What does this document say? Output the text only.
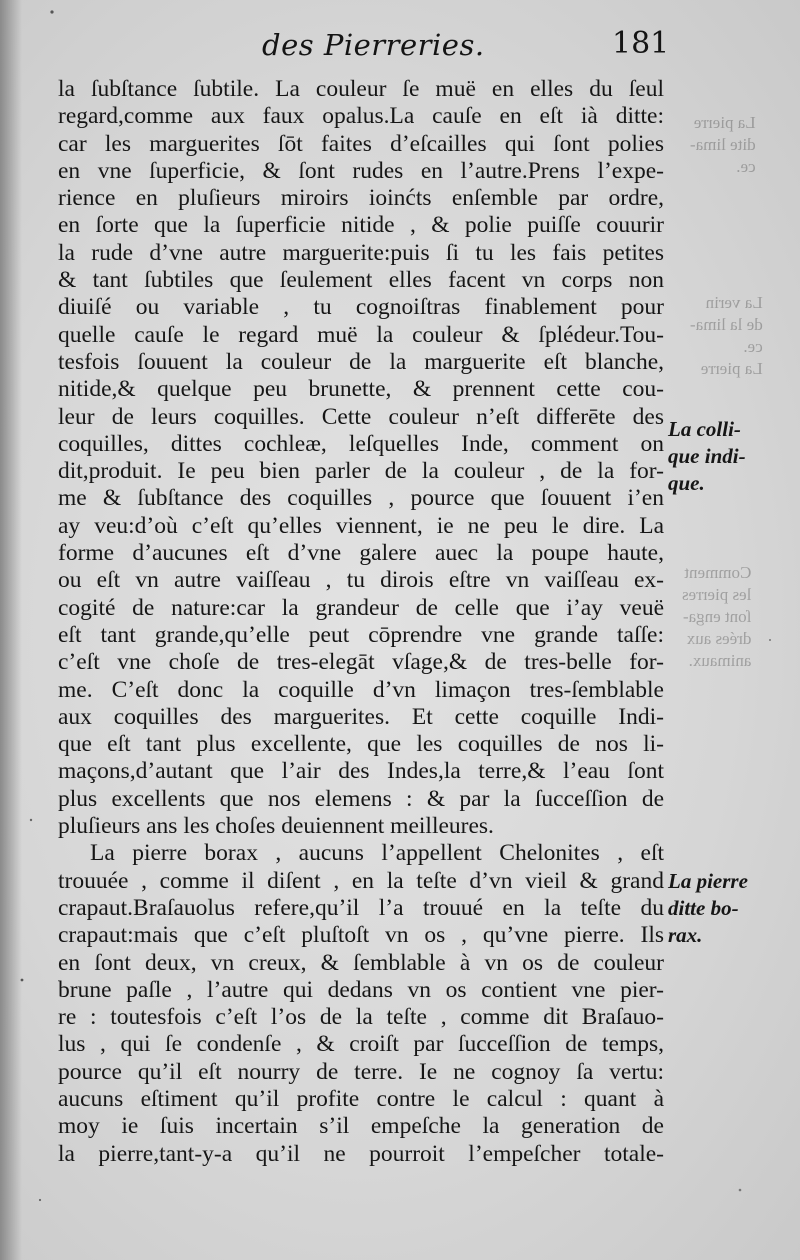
La pierre
dite lima-
ce.
La verin
de la lima-
ce.
La pierre
Comment
les pierres
ſont enga-
drées aux
animaux.
des Pierreries.	181
la ſubſtance ſubtile. La couleur ſe muë en elles du ſeul
regard,comme aux faux opalus.La cauſe en eſt ià ditte:
car les marguerites ſōt faites d’eſcailles qui ſont polies
en vne ſuperficie, & ſont rudes en l’autre.Prens l’expe-
rience en pluſieurs miroirs ioinćts enſemble par ordre,
en ſorte que la ſuperficie nitide , & polie puiſſe couurir
la rude d’vne autre marguerite:puis ſi tu les fais petites
& tant ſubtiles que ſeulement elles facent vn corps non
diuiſé ou variable , tu cognoiſtras finablement pour
quelle cauſe le regard muë la couleur & ſplédeur.Tou-
tesfois ſouuent la couleur de la marguerite eſt blanche,
nitide,& quelque peu brunette, & prennent cette cou-
leur de leurs coquilles. Cette couleur n’eſt differēte des
coquilles, dittes cochleæ, leſquelles Inde, comment on
dit,produit. Ie peu bien parler de la couleur , de la for-
me & ſubſtance des coquilles , pource que ſouuent i’en
ay veu:d’où c’eſt qu’elles viennent, ie ne peu le dire. La
forme d’aucunes eſt d’vne galere auec la poupe haute,
ou eſt vn autre vaiſſeau , tu dirois eſtre vn vaiſſeau ex-
cogité de nature:car la grandeur de celle que i’ay veuë
eſt tant grande,qu’elle peut cōprendre vne grande taſſe:
c’eſt vne choſe de tres-elegāt vſage,& de tres-belle for-
me. C’eſt donc la coquille d’vn limaçon tres-ſemblable
aux coquilles des marguerites. Et cette coquille Indi-
que eſt tant plus excellente, que les coquilles de nos li-
maçons,d’autant que l’air des Indes,la terre,& l’eau ſont
plus excellents que nos elemens : & par la ſucceſſion de
pluſieurs ans les choſes deuiennent meilleures.
La pierre borax , aucuns l’appellent Chelonites , eſt
trouuée , comme il diſent , en la teſte d’vn vieil & grand
crapaut.Braſauolus refere,qu’il l’a trouué en la teſte du
crapaut:mais que c’eſt pluſtoſt vn os , qu’vne pierre. Ils
en ſont deux, vn creux, & ſemblable à vn os de couleur
brune paſle , l’autre qui dedans vn os contient vne pier-
re : toutesfois c’eſt l’os de la teſte , comme dit Braſauo-
lus , qui ſe condenſe , & croiſt par ſucceſſion de temps,
pource qu’il eſt nourry de terre. Ie ne cognoy ſa vertu:
aucuns eſtiment qu’il profite contre le calcul : quant à
moy ie ſuis incertain s’il empeſche la generation de
la pierre,tant-y-a qu’il ne pourroit l’empeſcher totale-
La colli-
que indi-
que.
La pierre
ditte bo-
rax.
